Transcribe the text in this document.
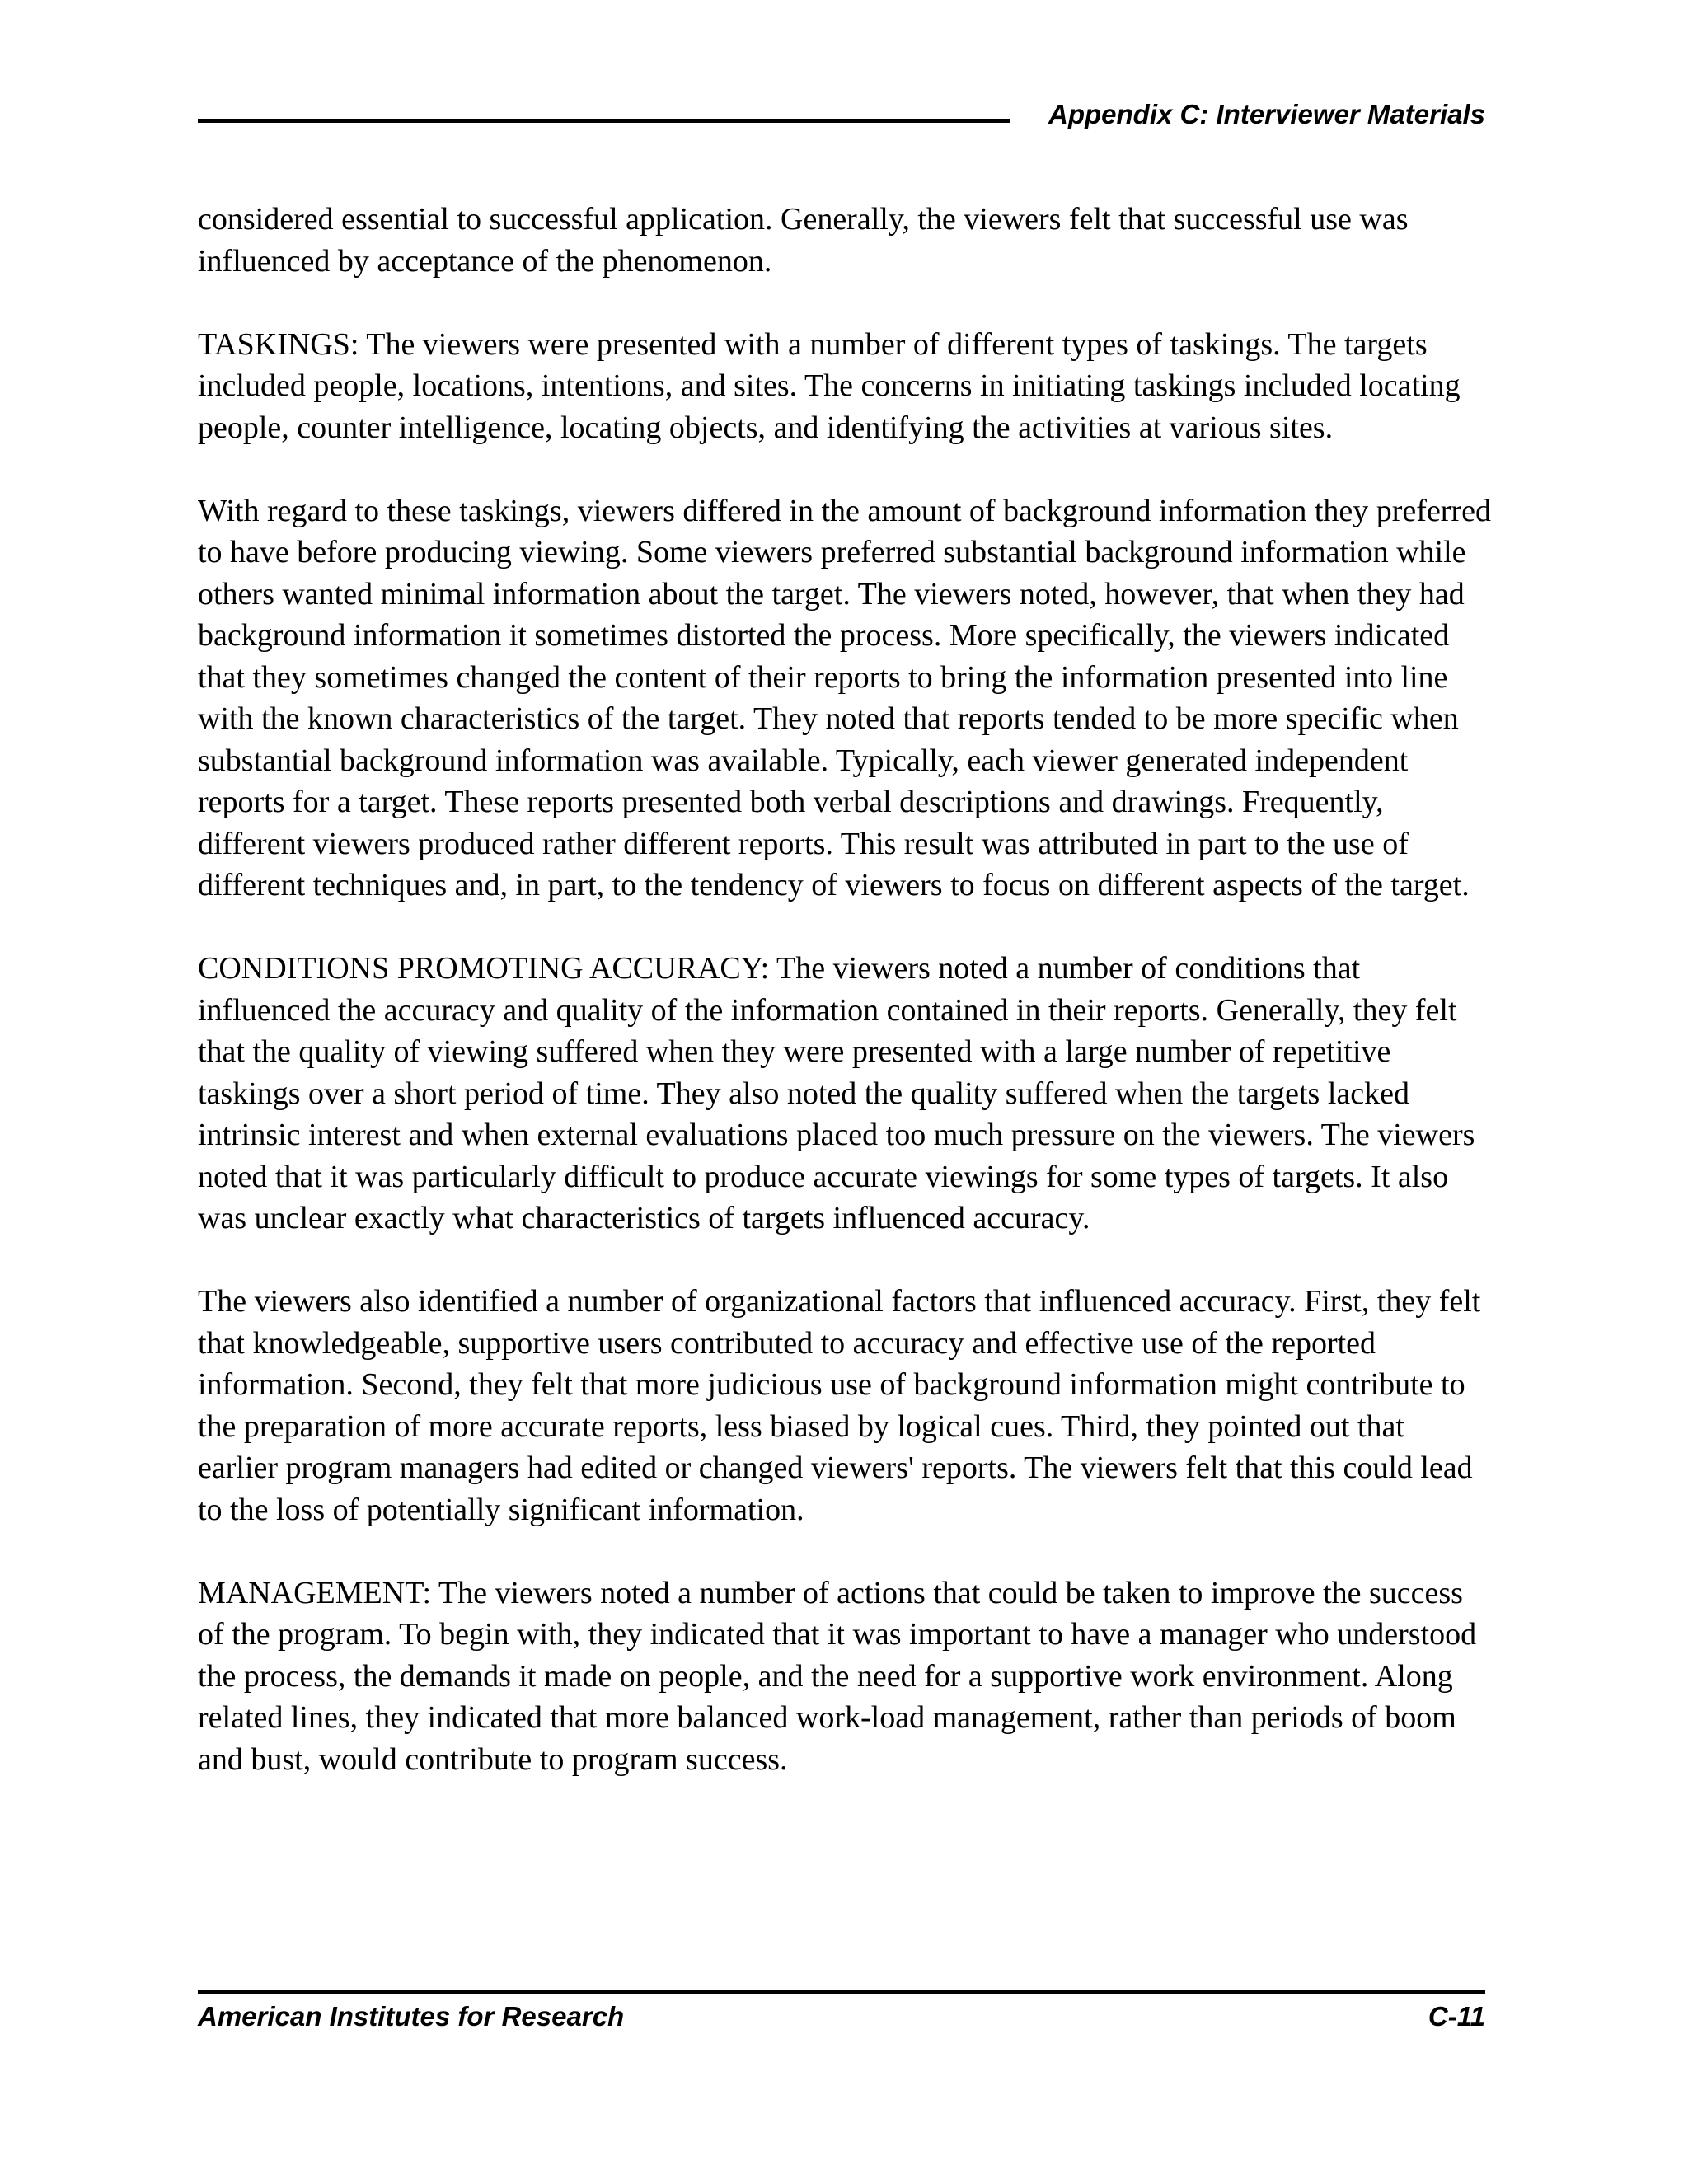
Appendix C: Interviewer Materials

considered essential to successful application. Generally, the viewers felt that successful use was influenced by acceptance of the phenomenon.

TASKINGS: The viewers were presented with a number of different types of taskings. The targets included people, locations, intentions, and sites. The concerns in initiating taskings included locating people, counter intelligence, locating objects, and identifying the activities at various sites.

With regard to these taskings, viewers differed in the amount of background information they preferred to have before producing viewing. Some viewers preferred substantial background information while others wanted minimal information about the target. The viewers noted, however, that when they had background information it sometimes distorted the process. More specifically, the viewers indicated that they sometimes changed the content of their reports to bring the information presented into line with the known characteristics of the target. They noted that reports tended to be more specific when substantial background information was available. Typically, each viewer generated independent reports for a target. These reports presented both verbal descriptions and drawings. Frequently, different viewers produced rather different reports. This result was attributed in part to the use of different techniques and, in part, to the tendency of viewers to focus on different aspects of the target.

CONDITIONS PROMOTING ACCURACY: The viewers noted a number of conditions that influenced the accuracy and quality of the information contained in their reports. Generally, they felt that the quality of viewing suffered when they were presented with a large number of repetitive taskings over a short period of time. They also noted the quality suffered when the targets lacked intrinsic interest and when external evaluations placed too much pressure on the viewers. The viewers noted that it was particularly difficult to produce accurate viewings for some types of targets. It also was unclear exactly what characteristics of targets influenced accuracy.

The viewers also identified a number of organizational factors that influenced accuracy. First, they felt that knowledgeable, supportive users contributed to accuracy and effective use of the reported information. Second, they felt that more judicious use of background information might contribute to the preparation of more accurate reports, less biased by logical cues. Third, they pointed out that earlier program managers had edited or changed viewers' reports. The viewers felt that this could lead to the loss of potentially significant information.

MANAGEMENT: The viewers noted a number of actions that could be taken to improve the success of the program. To begin with, they indicated that it was important to have a manager who understood the process, the demands it made on people, and the need for a supportive work environment. Along related lines, they indicated that more balanced work-load management, rather than periods of boom and bust, would contribute to program success.

American Institutes for Research	C-11
